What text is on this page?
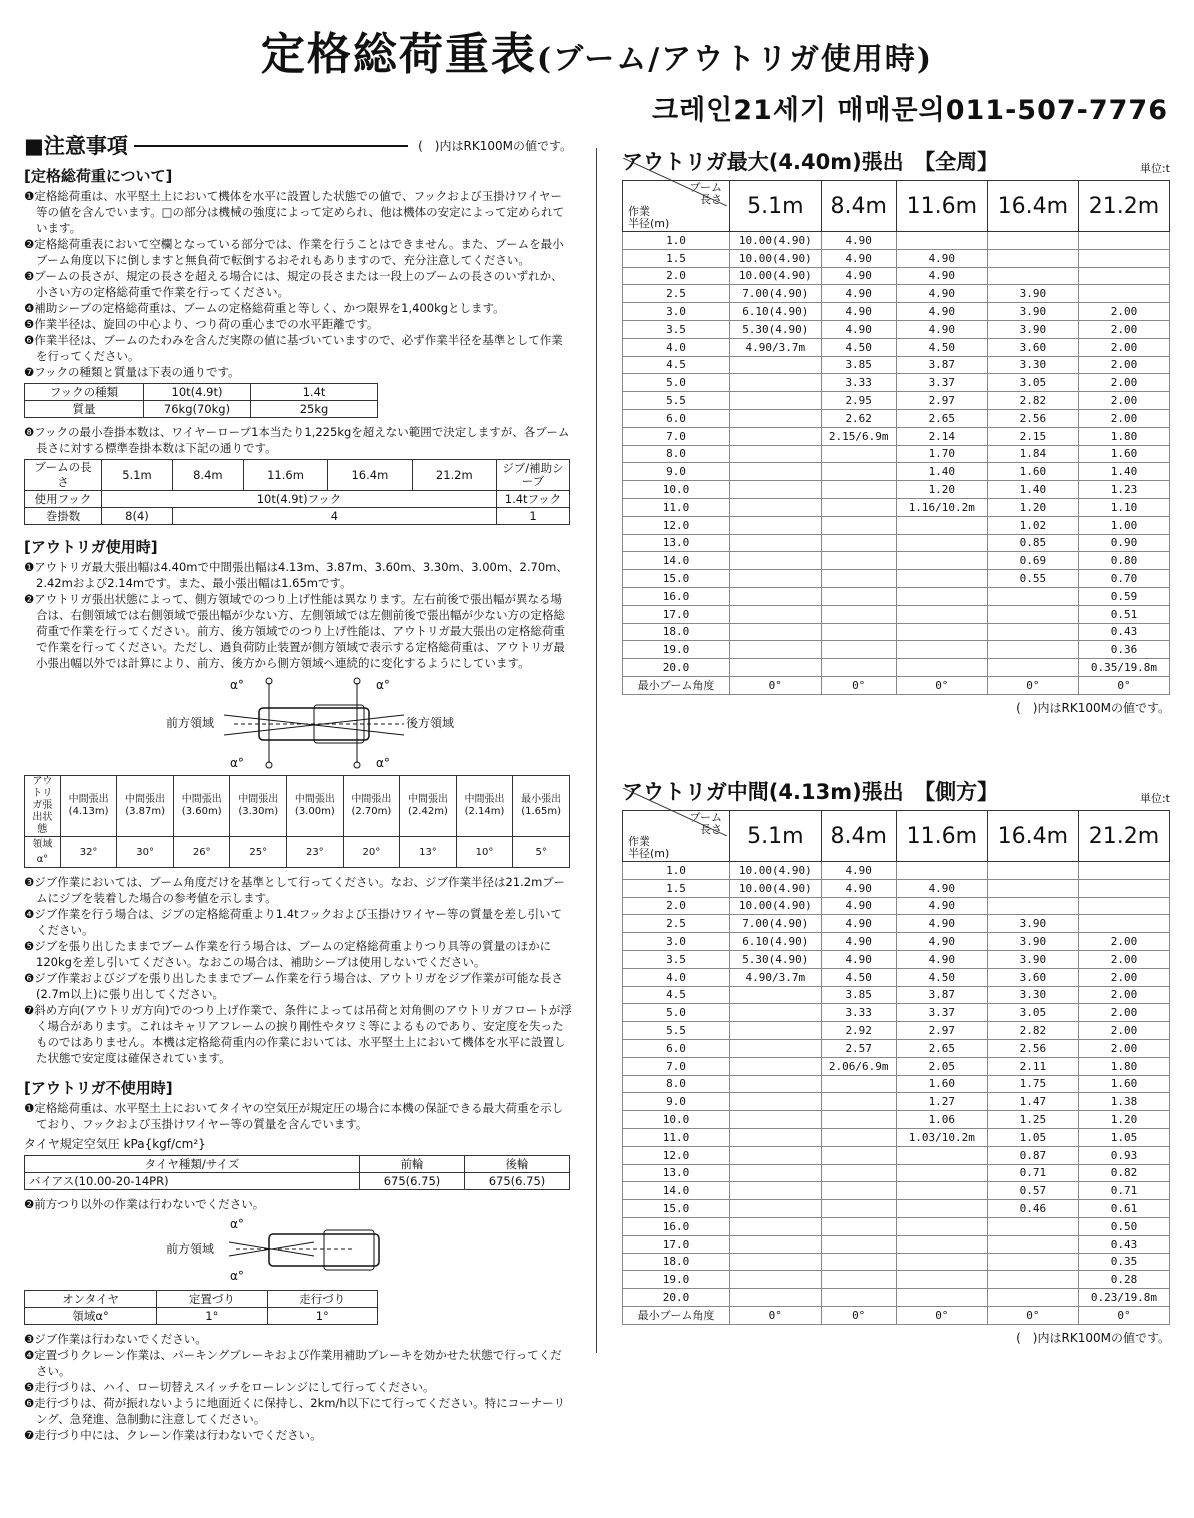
定格総荷重表(ブーム/アウトリガ使用時)
크레인21세기 매매문의011-507-7776
■注意事項	(　)内はRK100Mの値です。
[定格総荷重について]

❶定格総荷重は、水平堅土上において機体を水平に設置した状態での値で、フックおよび玉掛けワイヤー等の値を含んでいます。□の部分は機械の強度によって定められ、他は機体の安定によって定められています。

❷定格総荷重表において空欄となっている部分では、作業を行うことはできません。また、ブームを最小ブーム角度以下に倒しますと無負荷で転倒するおそれもありますので、充分注意してください。

❸ブームの長さが、規定の長さを超える場合には、規定の長さまたは一段上のブームの長さのいずれか、小さい方の定格総荷重で作業を行ってください。

❹補助シーブの定格総荷重は、ブームの定格総荷重と等しく、かつ限界を1,400kgとします。

❺作業半径は、旋回の中心より、つり荷の重心までの水平距離です。

❻作業半径は、ブームのたわみを含んだ実際の値に基づいていますので、必ず作業半径を基準として作業を行ってください。

❼フックの種類と質量は下表の通りです。

フックの種類	10t(4.9t)	1.4t
質量	76kg(70kg)	25kg

❽フックの最小巻掛本数は、ワイヤーロープ1本当たり1,225kgを超えない範囲で決定しますが、各ブーム長さに対する標準巻掛本数は下記の通りです。

ブームの長さ	5.1m	8.4m	11.6m	16.4m	21.2m	ジブ/補助シーブ
使用フック	10t(4.9t)フック					1.4tフック
巻掛数	8(4)	4				1
[アウトリガ使用時]

❶アウトリガ最大張出幅は4.40mで中間張出幅は4.13m、3.87m、3.60m、3.30m、3.00m、2.70m、2.42mおよび2.14mです。また、最小張出幅は1.65mです。

❷アウトリガ張出状態によって、側方領域でのつり上げ性能は異なります。左右前後で張出幅が異なる場合は、右側領域では右側領域で張出幅が少ない方、左側領域では左側前後で張出幅が少ない方の定格総荷重で作業を行ってください。前方、後方領域でのつり上げ性能は、アウトリガ最大張出の定格総荷重で作業を行ってください。ただし、過負荷防止装置が側方領域で表示する定格総荷重は、アウトリガ最小張出幅以外では計算により、前方、後方から側方領域へ連続的に変化するようにしています。

前方領域	後方領域
α°	α°
α°	α°
アウトリガ張出状態	中間張出(4.13m)	中間張出(3.87m)	中間張出(3.60m)	中間張出(3.30m)	中間張出(3.00m)	中間張出(2.70m)	中間張出(2.42m)	中間張出(2.14m)	最小張出(1.65m)
領域α°	32°	30°	26°	25°	23°	20°	13°	10°	5°

❸ジブ作業においては、ブーム角度だけを基準として行ってください。なお、ジブ作業半径は21.2mブームにジブを装着した場合の参考値を示します。

❹ジブ作業を行う場合は、ジブの定格総荷重より1.4tフックおよび玉掛けワイヤー等の質量を差し引いてください。

❺ジブを張り出したままでブーム作業を行う場合は、ブームの定格総荷重よりつり具等の質量のほかに120kgを差し引いてください。なおこの場合は、補助シーブは使用しないでください。

❻ジブ作業およびジブを張り出したままでブーム作業を行う場合は、アウトリガをジブ作業が可能な長さ(2.7m以上)に張り出してください。

❼斜め方向(アウトリガ方向)でのつり上げ作業で、条件によっては吊荷と対角側のアウトリガフロートが浮く場合があります。これはキャリアフレームの捩り剛性やタワミ等によるものであり、安定度を失ったものではありません。本機は定格総荷重内の作業においては、水平堅土上において機体を水平に設置した状態で安定度は確保されています。

[アウトリガ不使用時]

❶定格総荷重は、水平堅土上においてタイヤの空気圧が規定圧の場合に本機の保証できる最大荷重を示しており、フックおよび玉掛けワイヤー等の質量を含んでいます。

タイヤ規定空気圧 kPa{kgf/cm²}
タイヤ種類/サイズ	前輪	後輪
バイアス(10.00-20-14PR)	675(6.75)	675(6.75)

❷前方つり以外の作業は行わないでください。

前方領域
α°
α°
オンタイヤ	定置づり	走行づり
領域α°	1°	1°

❸ジブ作業は行わないでください。

❹定置づりクレーン作業は、パーキングブレーキおよび作業用補助ブレーキを効かせた状態で行ってください。

❺走行づりは、ハイ、ロー切替えスイッチをローレンジにして行ってください。

❻走行づりは、荷が振れないように地面近くに保持し、2km/h以下にて行ってください。特にコーナーリング、急発進、急制動に注意してください。

❼走行づり中には、クレーン作業は行わないでください。

アウトリガ最大(4.40m)張出　【全周】	単位:t
ブーム
長さ
作業
半径(m)	5.1m	8.4m	11.6m	16.4m	21.2m
1.0	10.00(4.90)	4.90			
1.5	10.00(4.90)	4.90	4.90		
2.0	10.00(4.90)	4.90	4.90		
2.5	7.00(4.90)	4.90	4.90	3.90	
3.0	6.10(4.90)	4.90	4.90	3.90	2.00
3.5	5.30(4.90)	4.90	4.90	3.90	2.00
4.0	4.90/3.7m	4.50	4.50	3.60	2.00
4.5		3.85	3.87	3.30	2.00
5.0		3.33	3.37	3.05	2.00
5.5		2.95	2.97	2.82	2.00
6.0		2.62	2.65	2.56	2.00
7.0		2.15/6.9m	2.14	2.15	1.80
8.0			1.70	1.84	1.60
9.0			1.40	1.60	1.40
10.0			1.20	1.40	1.23
11.0			1.16/10.2m	1.20	1.10
12.0				1.02	1.00
13.0				0.85	0.90
14.0				0.69	0.80
15.0				0.55	0.70
16.0					0.59
17.0					0.51
18.0					0.43
19.0					0.36
20.0					0.35/19.8m
最小ブーム角度	0°	0°	0°	0°	0°
(　)内はRK100Mの値です。
アウトリガ中間(4.13m)張出　【側方】	単位:t
ブーム
長さ
作業
半径(m)	5.1m	8.4m	11.6m	16.4m	21.2m
1.0	10.00(4.90)	4.90			
1.5	10.00(4.90)	4.90	4.90		
2.0	10.00(4.90)	4.90	4.90		
2.5	7.00(4.90)	4.90	4.90	3.90	
3.0	6.10(4.90)	4.90	4.90	3.90	2.00
3.5	5.30(4.90)	4.90	4.90	3.90	2.00
4.0	4.90/3.7m	4.50	4.50	3.60	2.00
4.5		3.85	3.87	3.30	2.00
5.0		3.33	3.37	3.05	2.00
5.5		2.92	2.97	2.82	2.00
6.0		2.57	2.65	2.56	2.00
7.0		2.06/6.9m	2.05	2.11	1.80
8.0			1.60	1.75	1.60
9.0			1.27	1.47	1.38
10.0			1.06	1.25	1.20
11.0			1.03/10.2m	1.05	1.05
12.0				0.87	0.93
13.0				0.71	0.82
14.0				0.57	0.71
15.0				0.46	0.61
16.0					0.50
17.0					0.43
18.0					0.35
19.0					0.28
20.0					0.23/19.8m
最小ブーム角度	0°	0°	0°	0°	0°
(　)内はRK100Mの値です。
